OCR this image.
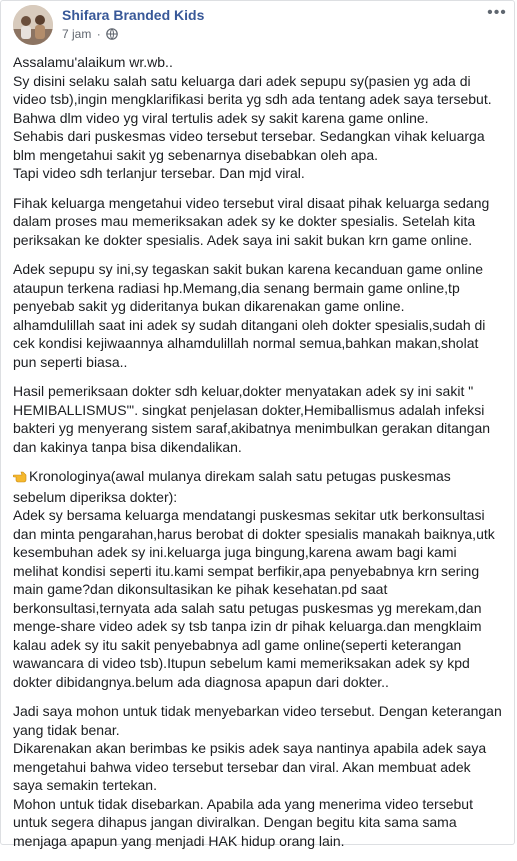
Shifara Branded Kids
7 jam ·
•••

Assalamu'alaikum wr.wb..
Sy disini selaku salah satu keluarga dari adek sepupu sy(pasien yg ada di
video tsb),ingin mengklarifikasi berita yg sdh ada tentang adek saya tersebut.
Bahwa dlm video yg viral tertulis adek sy sakit karena game online.
Sehabis dari puskesmas video tersebut tersebar. Sedangkan vihak keluarga
blm mengetahui sakit yg sebenarnya disebabkan oleh apa.
Tapi video sdh terlanjur tersebar. Dan mjd viral.

Fihak keluarga mengetahui video tersebut viral disaat pihak keluarga sedang
dalam proses mau memeriksakan adek sy ke dokter spesialis. Setelah kita
periksakan ke dokter spesialis. Adek saya ini sakit bukan krn game online.

Adek sepupu sy ini,sy tegaskan sakit bukan karena kecanduan game online
ataupun terkena radiasi hp.Memang,dia senang bermain game online,tp
penyebab sakit yg dideritanya bukan dikarenakan game online.
alhamdulillah saat ini adek sy sudah ditangani oleh dokter spesialis,sudah di
cek kondisi kejiwaannya alhamdulillah normal semua,bahkan makan,sholat
pun seperti biasa..

Hasil pemeriksaan dokter sdh keluar,dokter menyatakan adek sy ini sakit "
HEMIBALLISMUS"'. singkat penjelasan dokter,Hemiballismus adalah infeksi
bakteri yg menyerang sistem saraf,akibatnya menimbulkan gerakan ditangan
dan kakinya tanpa bisa dikendalikan.

Kronologinya(awal mulanya direkam salah satu petugas puskesmas
sebelum diperiksa dokter):
Adek sy bersama keluarga mendatangi puskesmas sekitar utk berkonsultasi
dan minta pengarahan,harus berobat di dokter spesialis manakah baiknya,utk
kesembuhan adek sy ini.keluarga juga bingung,karena awam bagi kami
melihat kondisi seperti itu.kami sempat berfikir,apa penyebabnya krn sering
main game?dan dikonsultasikan ke pihak kesehatan.pd saat
berkonsultasi,ternyata ada salah satu petugas puskesmas yg merekam,dan
menge-share video adek sy tsb tanpa izin dr pihak keluarga.dan mengklaim
kalau adek sy itu sakit penyebabnya adl game online(seperti keterangan
wawancara di video tsb).Itupun sebelum kami memeriksakan adek sy kpd
dokter dibidangnya.belum ada diagnosa apapun dari dokter..

Jadi saya mohon untuk tidak menyebarkan video tersebut. Dengan keterangan
yang tidak benar.
Dikarenakan akan berimbas ke psikis adek saya nantinya apabila adek saya
mengetahui bahwa video tersebut tersebar dan viral. Akan membuat adek
saya semakin tertekan.
Mohon untuk tidak disebarkan. Apabila ada yang menerima video tersebut
untuk segera dihapus jangan diviralkan. Dengan begitu kita sama sama
menjaga apapun yang menjadi HAK hidup orang lain.
